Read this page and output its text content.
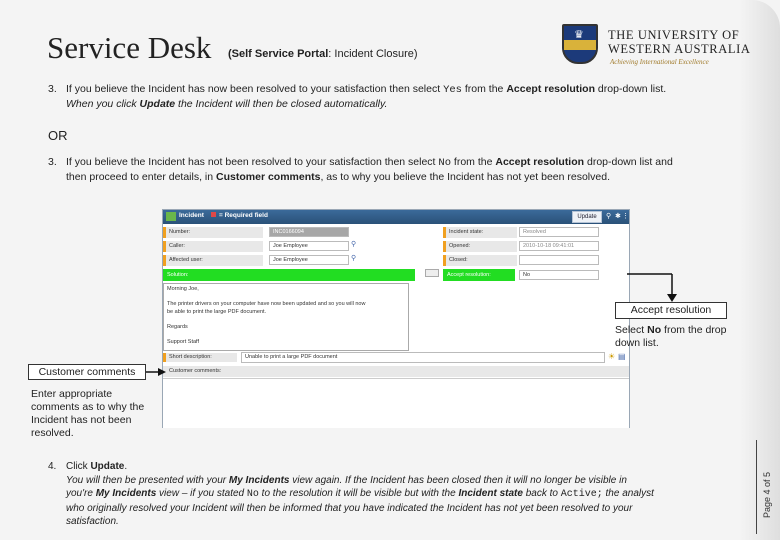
Service Desk (Self Service Portal: Incident Closure)
♛ THE UNIVERSITY OF
WESTERN AUSTRALIA
Achieving International Excellence
3. If you believe the Incident has now been resolved to your satisfaction then select Yes from the Accept resolution drop-down list.
When you click Update the Incident will then be closed automatically.
OR
3. If you believe the Incident has not been resolved to your satisfaction then select No from the Accept resolution drop-down list and
then proceed to enter details, in Customer comments, as to why you believe the Incident has not yet been resolved.
Incident	= Required field	Update	⚲ ✱ ⋮
Number:	INC0166094
Caller:	Joe Employee	⚲
Affected user:	Joe Employee	⚲
Solution:
Incident state:	Resolved
Opened:	2010-10-18 09:41:01
Closed:
Accept resolution:	No
Morning Joe,

The printer drivers on your computer have now been updated and so you will now
be able to print the large PDF document.

Regards

Support Staff
Short description:	Unable to print a large PDF document	☀ ▤
Customer comments:
Accept resolution
Select No from the drop
down list.
Customer comments
Enter appropriate
comments as to why the
Incident has not been
resolved.
4. Click Update.
You will then be presented with your My Incidents view again. If the Incident has been closed then it will no longer be visible in
you're My Incidents view – if you stated No to the resolution it will be visible but with the Incident state back to Active; the analyst
who originally resolved your Incident will then be informed that you have indicated the Incident has not yet been resolved to your
satisfaction.
Page 4 of 5
